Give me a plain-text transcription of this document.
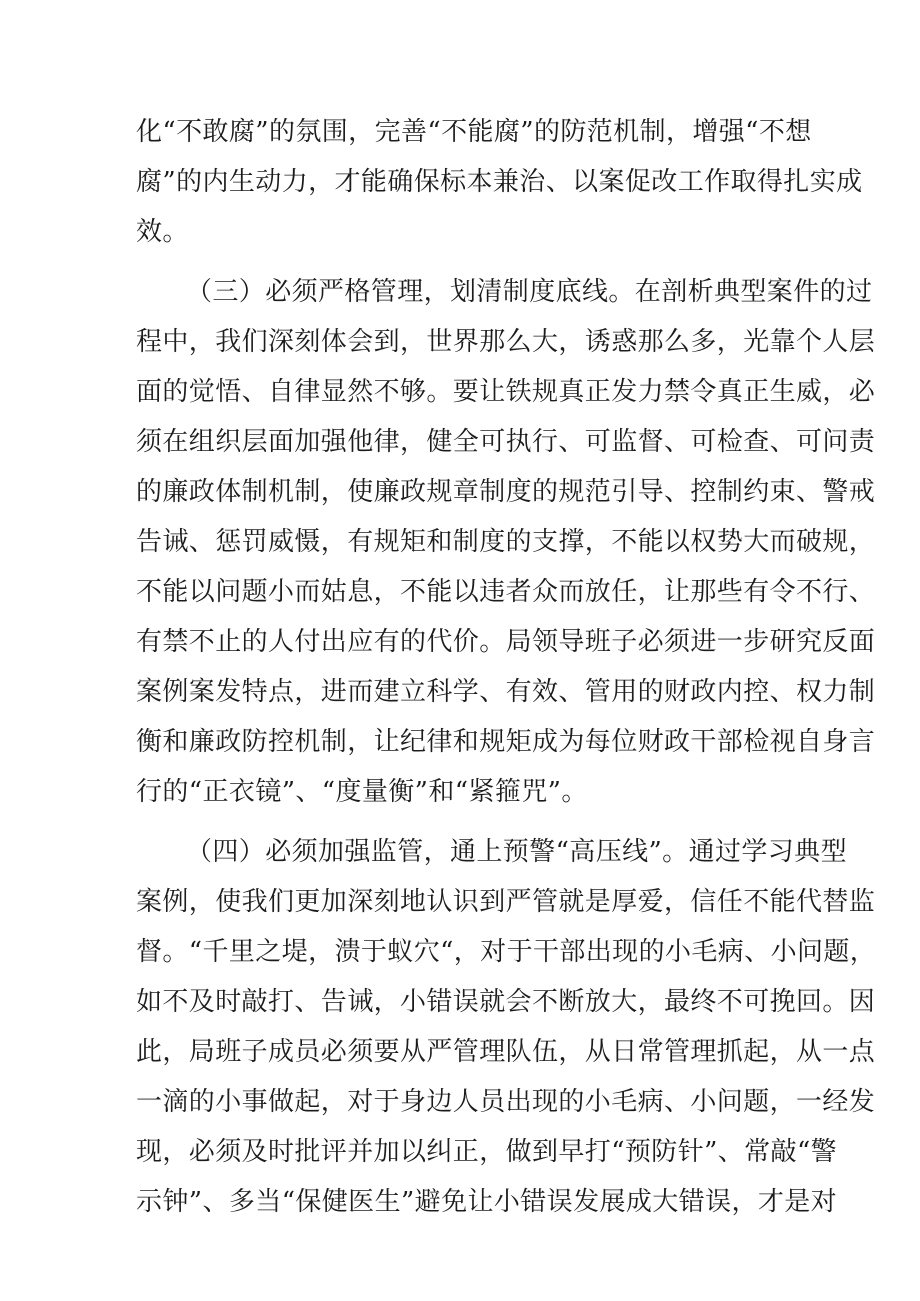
化“不敢腐”的氛围，完善“不能腐”的防范机制，增强“不想
腐”的内生动力，才能确保标本兼治、以案促改工作取得扎实成
效。
（三）必须严格管理，划清制度底线。在剖析典型案件的过
程中，我们深刻体会到，世界那么大，诱惑那么多，光靠个人层
面的觉悟、自律显然不够。要让铁规真正发力禁令真正生威，必
须在组织层面加强他律，健全可执行、可监督、可检查、可问责
的廉政体制机制，使廉政规章制度的规范引导、控制约束、警戒
告诫、惩罚威慑，有规矩和制度的支撑，不能以权势大而破规，
不能以问题小而姑息，不能以违者众而放任，让那些有令不行、
有禁不止的人付出应有的代价。局领导班子必须进一步研究反面
案例案发特点，进而建立科学、有效、管用的财政内控、权力制
衡和廉政防控机制，让纪律和规矩成为每位财政干部检视自身言
行的“正衣镜”、“度量衡”和“紧箍咒”。
（四）必须加强监管，通上预警“高压线”。通过学习典型
案例，使我们更加深刻地认识到严管就是厚爱，信任不能代替监
督。“千里之堤，溃于蚁穴“，对于干部出现的小毛病、小问题，
如不及时敲打、告诫，小错误就会不断放大，最终不可挽回。因
此，局班子成员必须要从严管理队伍，从日常管理抓起，从一点
一滴的小事做起，对于身边人员出现的小毛病、小问题，一经发
现，必须及时批评并加以纠正，做到早打“预防针”、常敲“警
示钟”、多当“保健医生”避免让小错误发展成大错误，才是对
